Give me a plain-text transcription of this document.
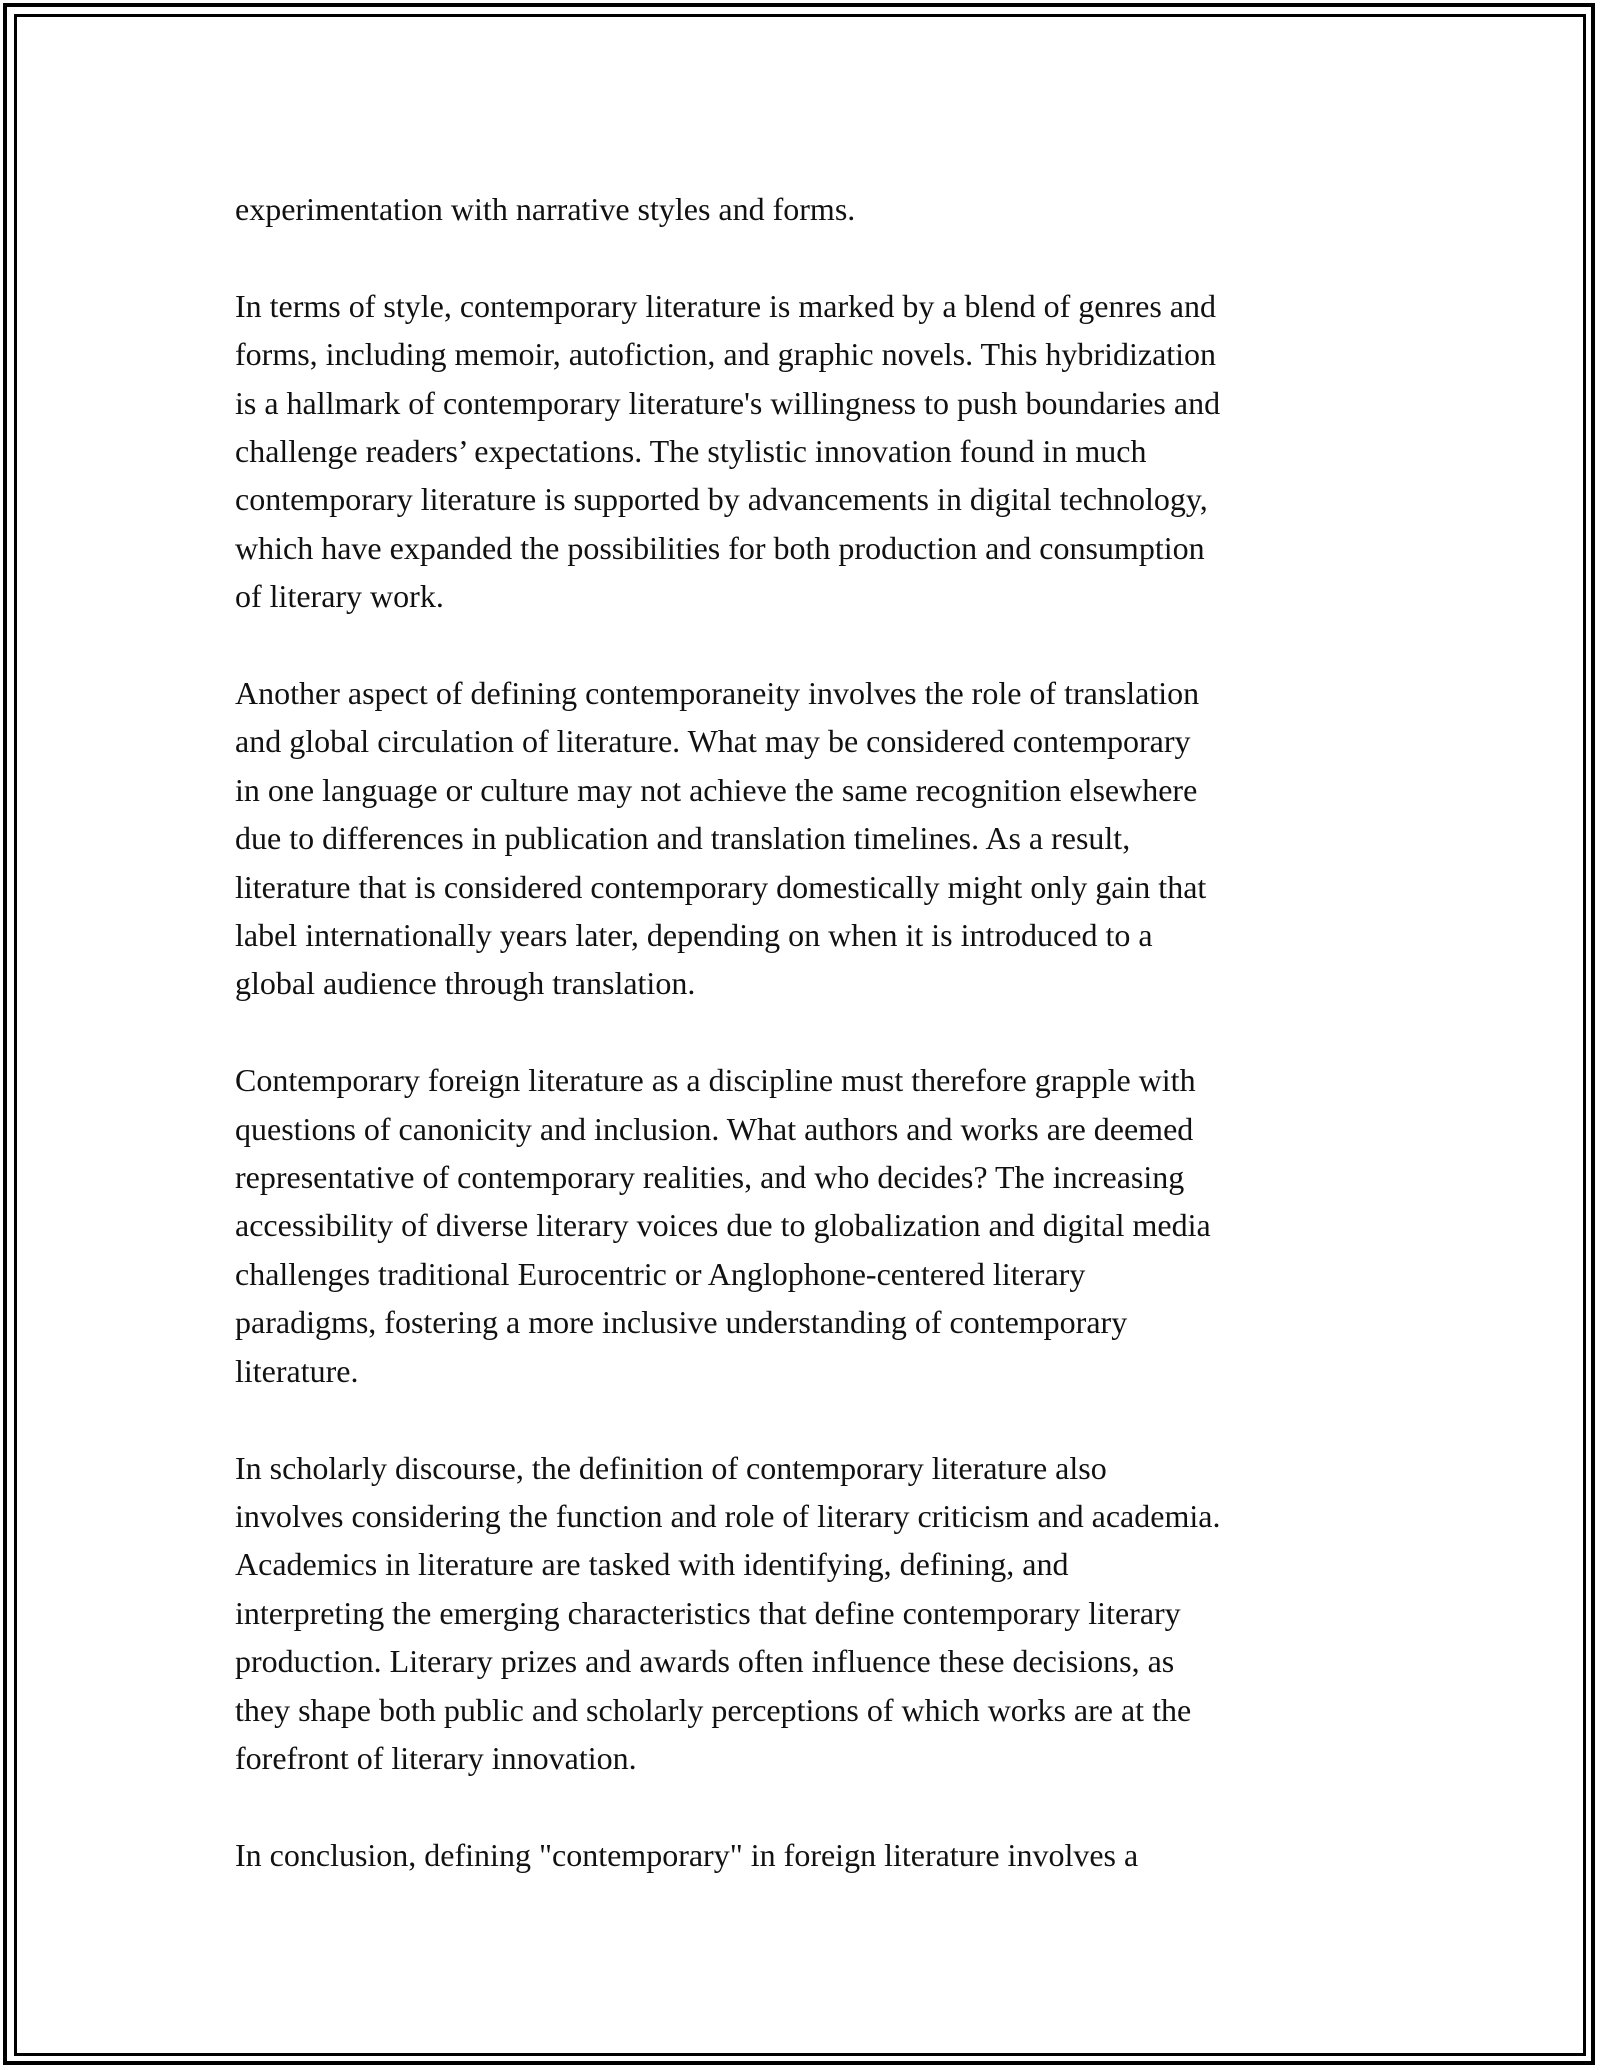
experimentation with narrative styles and forms.

In terms of style, contemporary literature is marked by a blend of genres and
forms, including memoir, autofiction, and graphic novels. This hybridization
is a hallmark of contemporary literature's willingness to push boundaries and
challenge readers’ expectations. The stylistic innovation found in much
contemporary literature is supported by advancements in digital technology,
which have expanded the possibilities for both production and consumption
of literary work.

Another aspect of defining contemporaneity involves the role of translation
and global circulation of literature. What may be considered contemporary
in one language or culture may not achieve the same recognition elsewhere
due to differences in publication and translation timelines. As a result,
literature that is considered contemporary domestically might only gain that
label internationally years later, depending on when it is introduced to a
global audience through translation.

Contemporary foreign literature as a discipline must therefore grapple with
questions of canonicity and inclusion. What authors and works are deemed
representative of contemporary realities, and who decides? The increasing
accessibility of diverse literary voices due to globalization and digital media
challenges traditional Eurocentric or Anglophone-centered literary
paradigms, fostering a more inclusive understanding of contemporary
literature.

In scholarly discourse, the definition of contemporary literature also
involves considering the function and role of literary criticism and academia.
Academics in literature are tasked with identifying, defining, and
interpreting the emerging characteristics that define contemporary literary
production. Literary prizes and awards often influence these decisions, as
they shape both public and scholarly perceptions of which works are at the
forefront of literary innovation.

In conclusion, defining "contemporary" in foreign literature involves a
